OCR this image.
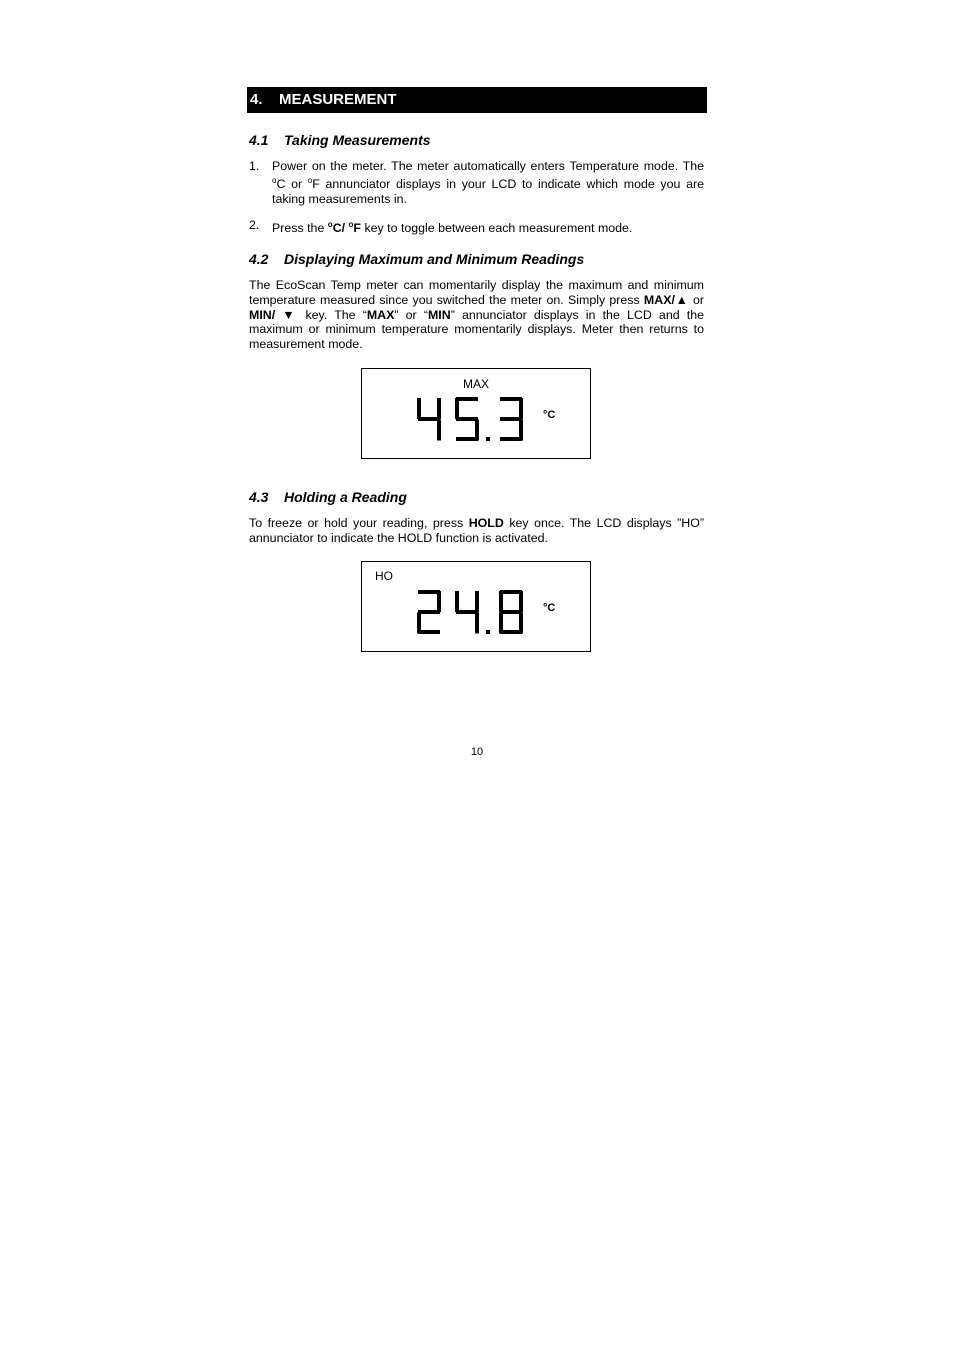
4. MEASUREMENT
4.1 Taking Measurements
1. Power on the meter. The meter automatically enters Temperature mode. The $^o$C or $^o$F annunciator displays in your LCD to indicate which mode you are taking measurements in.
2. Press the $^o$C/ $^o$F key to toggle between each measurement mode.
4.2 Displaying Maximum and Minimum Readings
The EcoScan Temp meter can momentarily display the maximum and minimum temperature measured since you switched the meter on. Simply press MAX/▲ or MIN/ ▼ key. The “MAX” or “MIN” annunciator displays in the LCD and the maximum or minimum temperature momentarily displays. Meter then returns to measurement mode.
MAX
°C
4.3 Holding a Reading
To freeze or hold your reading, press HOLD key once. The LCD displays ”HO” annunciator to indicate the HOLD function is activated.
HO
°C
10
